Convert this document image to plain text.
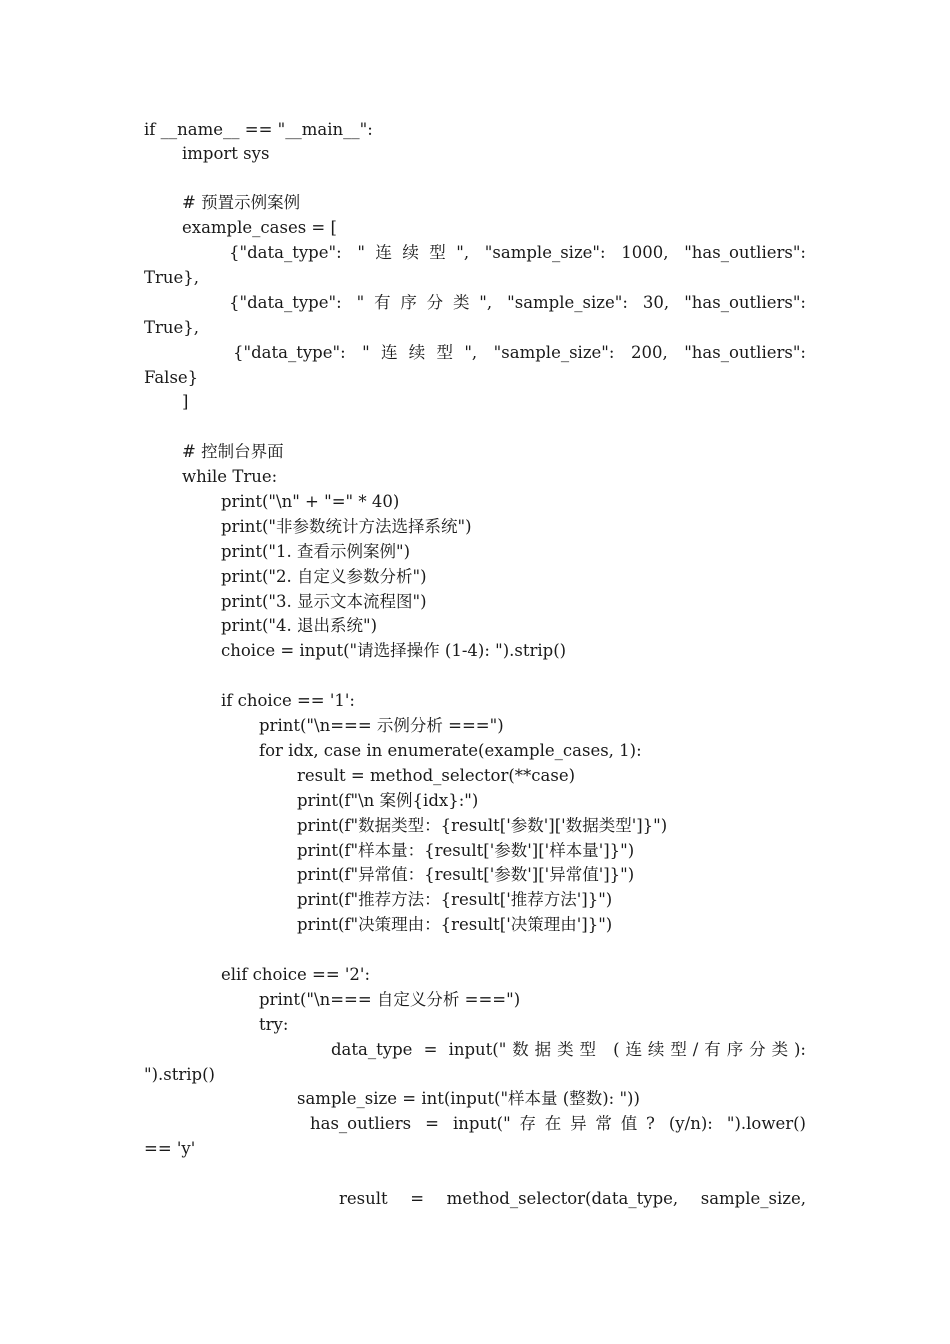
if __name__ == "__main__":
import sys
# 预置示例案例
example_cases = [
{"data_type": "连续型", "sample_size": 1000, "has_outliers":
True},
{"data_type": "有序分类", "sample_size": 30, "has_outliers":
True},
{"data_type": "连续型", "sample_size": 200, "has_outliers":
False}
]
# 控制台界面
while True:
print("\n" + "=" * 40)
print("非参数统计方法选择系统")
print("1. 查看示例案例")
print("2. 自定义参数分析")
print("3. 显示文本流程图")
print("4. 退出系统")
choice = input("请选择操作 (1-4): ").strip()
if choice == '1':
print("\n=== 示例分析 ===")
for idx, case in enumerate(example_cases, 1):
result = method_selector(**case)
print(f"\n 案例{idx}:")
print(f"数据类型：{result['参数']['数据类型']}")
print(f"样本量：{result['参数']['样本量']}")
print(f"异常值：{result['参数']['异常值']}")
print(f"推荐方法：{result['推荐方法']}")
print(f"决策理由：{result['决策理由']}")
elif choice == '2':
print("\n=== 自定义分析 ===")
try:
data_type = input("数据类型 (连续型/有序分类):
").strip()
sample_size = int(input("样本量 (整数): "))
has_outliers = input("存在异常值? (y/n): ").lower()
== 'y'
result = method_selector(data_type, sample_size,
